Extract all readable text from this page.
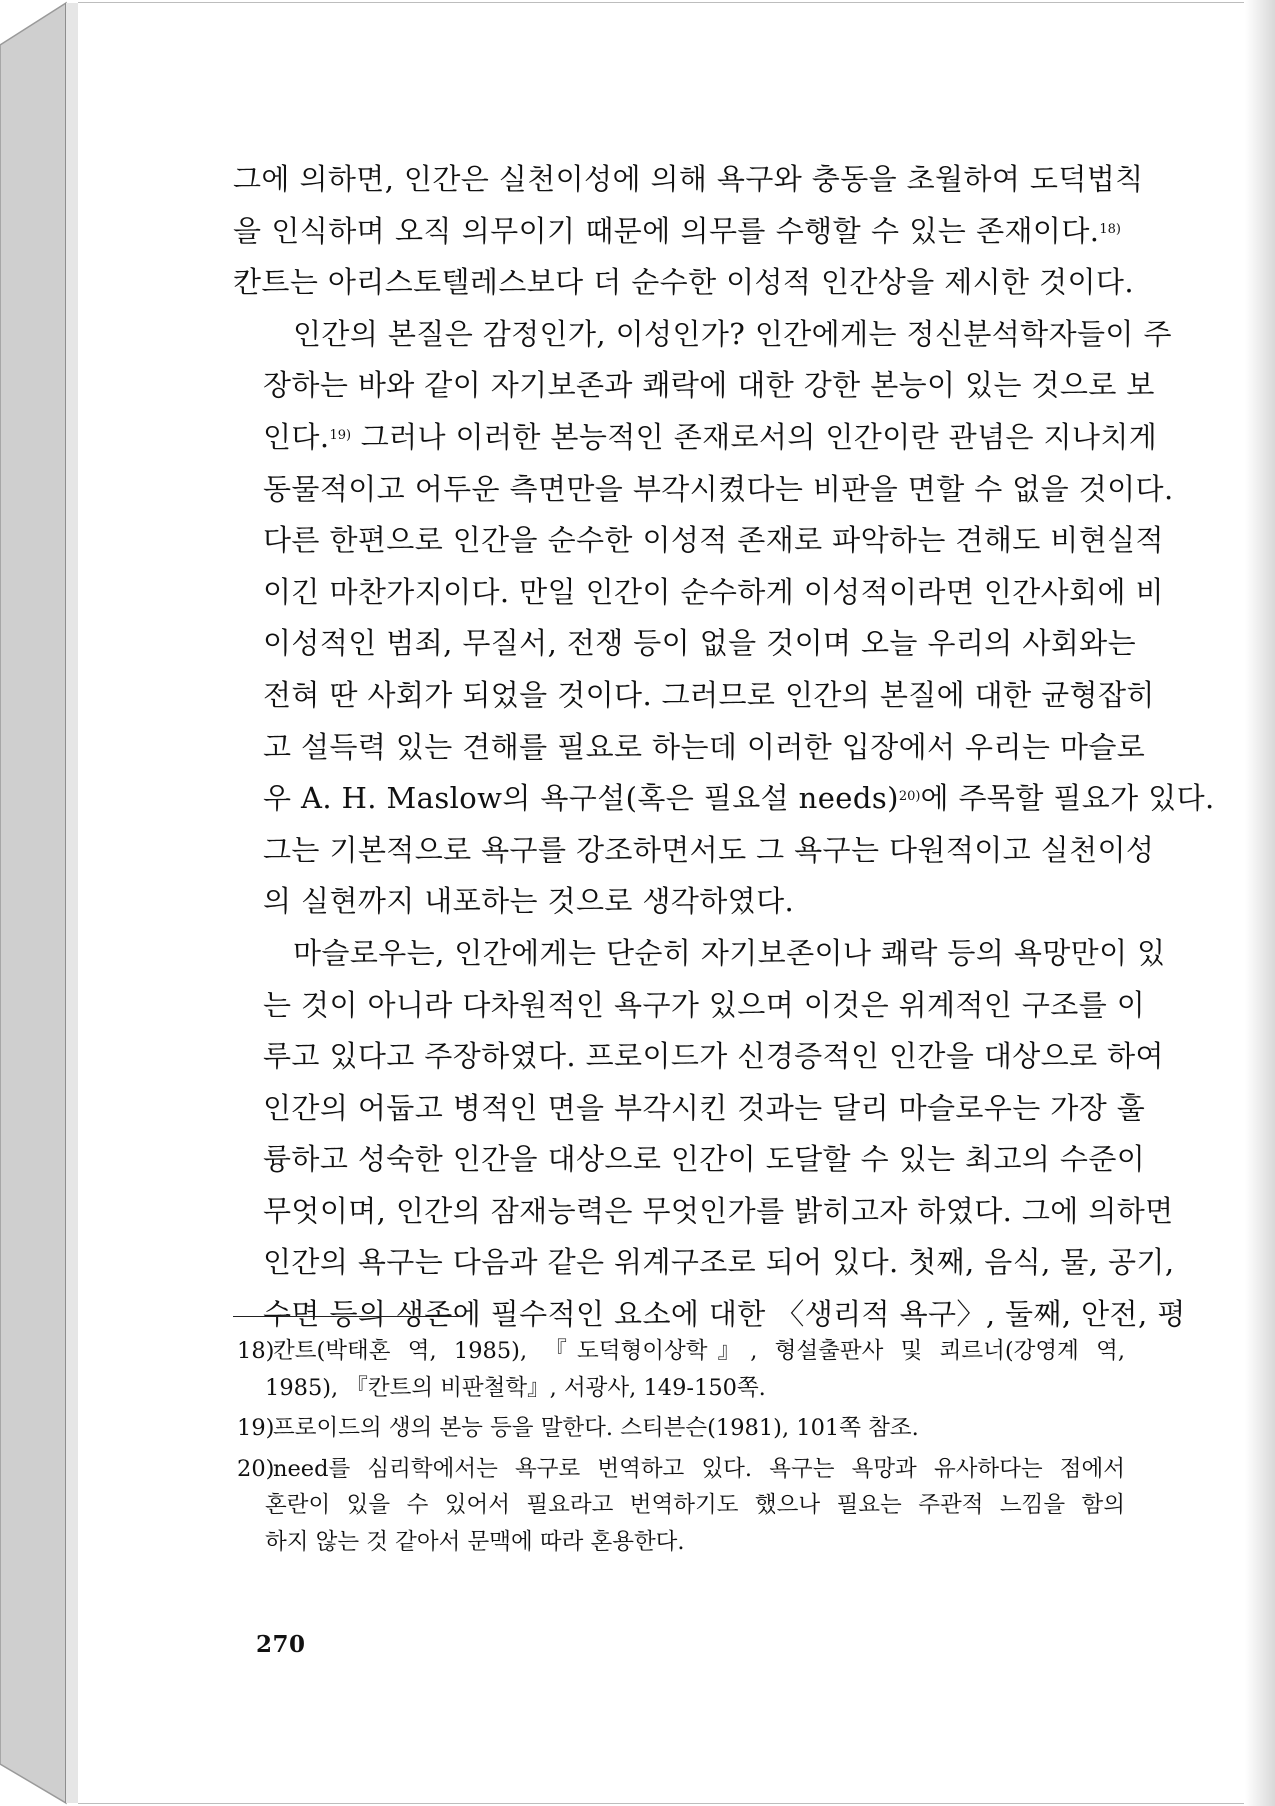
그에 의하면, 인간은 실천이성에 의해 욕구와 충동을 초월하여 도덕법칙
을 인식하며 오직 의무이기 때문에 의무를 수행할 수 있는 존재이다.$^{18)}$
칸트는 아리스토텔레스보다 더 순수한 이성적 인간상을 제시한 것이다.

인간의 본질은 감정인가, 이성인가? 인간에게는 정신분석학자들이 주
장하는 바와 같이 자기보존과 쾌락에 대한 강한 본능이 있는 것으로 보
인다.$^{19)}$ 그러나 이러한 본능적인 존재로서의 인간이란 관념은 지나치게
동물적이고 어두운 측면만을 부각시켰다는 비판을 면할 수 없을 것이다.
다른 한편으로 인간을 순수한 이성적 존재로 파악하는 견해도 비현실적
이긴 마찬가지이다. 만일 인간이 순수하게 이성적이라면 인간사회에 비
이성적인 범죄, 무질서, 전쟁 등이 없을 것이며 오늘 우리의 사회와는
전혀 딴 사회가 되었을 것이다. 그러므로 인간의 본질에 대한 균형잡히
고 설득력 있는 견해를 필요로 하는데 이러한 입장에서 우리는 마슬로
우 A. H. Maslow의 욕구설(혹은 필요설 needs)$^{20)}$에 주목할 필요가 있다.
그는 기본적으로 욕구를 강조하면서도 그 욕구는 다원적이고 실천이성
의 실현까지 내포하는 것으로 생각하였다.

마슬로우는, 인간에게는 단순히 자기보존이나 쾌락 등의 욕망만이 있
는 것이 아니라 다차원적인 욕구가 있으며 이것은 위계적인 구조를 이
루고 있다고 주장하였다. 프로이드가 신경증적인 인간을 대상으로 하여
인간의 어둡고 병적인 면을 부각시킨 것과는 달리 마슬로우는 가장 훌
륭하고 성숙한 인간을 대상으로 인간이 도달할 수 있는 최고의 수준이
무엇이며, 인간의 잠재능력은 무엇인가를 밝히고자 하였다. 그에 의하면
인간의 욕구는 다음과 같은 위계구조로 되어 있다. 첫째, 음식, 물, 공기,
수면 등의 생존에 필수적인 요소에 대한 〈생리적 욕구〉, 둘째, 안전, 평

18)칸트(박태혼 역, 1985), 『도덕형이상학』, 형설출판사 및 쾨르너(강영계 역,
1985), 『칸트의 비판철학』, 서광사, 149-150쪽.
19)프로이드의 생의 본능 등을 말한다. 스티븐슨(1981), 101쪽 참조.
20)need를 심리학에서는 욕구로 번역하고 있다. 욕구는 욕망과 유사하다는 점에서
혼란이 있을 수 있어서 필요라고 번역하기도 했으나 필요는 주관적 느낌을 함의
하지 않는 것 같아서 문맥에 따라 혼용한다.
270
